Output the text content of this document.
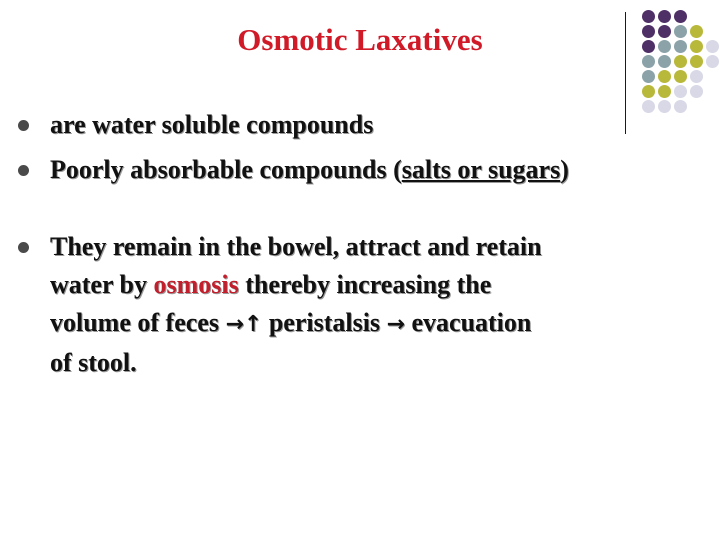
Osmotic Laxatives
are water soluble compounds
Poorly absorbable compounds (salts or sugars)
They remain in the bowel, attract and retain
water by osmosis thereby increasing the
volume of feces →↑ peristalsis → evacuation
of stool.
